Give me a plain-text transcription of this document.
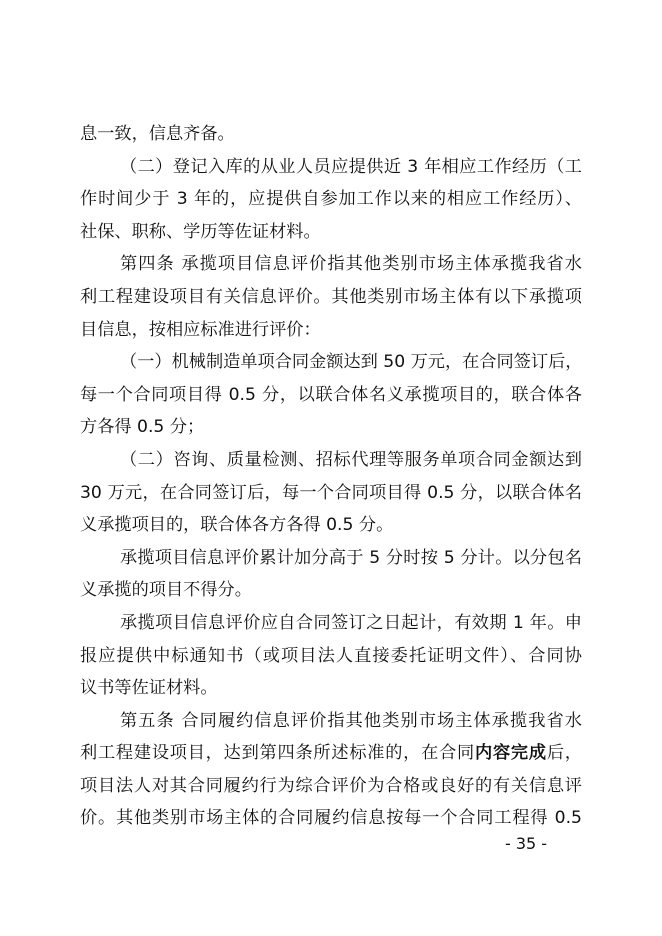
息一致，信息齐备。
（二）登记入库的从业人员应提供近 3 年相应工作经历（工
作时间少于 3 年的，应提供自参加工作以来的相应工作经历）、
社保、职称、学历等佐证材料。
第四条 承揽项目信息评价指其他类别市场主体承揽我省水
利工程建设项目有关信息评价。其他类别市场主体有以下承揽项
目信息，按相应标准进行评价：
（一）机械制造单项合同金额达到 50 万元，在合同签订后，
每一个合同项目得 0.5 分，以联合体名义承揽项目的，联合体各
方各得 0.5 分；
（二）咨询、质量检测、招标代理等服务单项合同金额达到
30 万元，在合同签订后，每一个合同项目得 0.5 分，以联合体名
义承揽项目的，联合体各方各得 0.5 分。
承揽项目信息评价累计加分高于 5 分时按 5 分计。以分包名
义承揽的项目不得分。
承揽项目信息评价应自合同签订之日起计，有效期 1 年。申
报应提供中标通知书（或项目法人直接委托证明文件）、合同协
议书等佐证材料。
第五条 合同履约信息评价指其他类别市场主体承揽我省水
利工程建设项目，达到第四条所述标准的，在合同内容完成后，
项目法人对其合同履约行为综合评价为合格或良好的有关信息评
价。其他类别市场主体的合同履约信息按每一个合同工程得 0.5
- 35 -
